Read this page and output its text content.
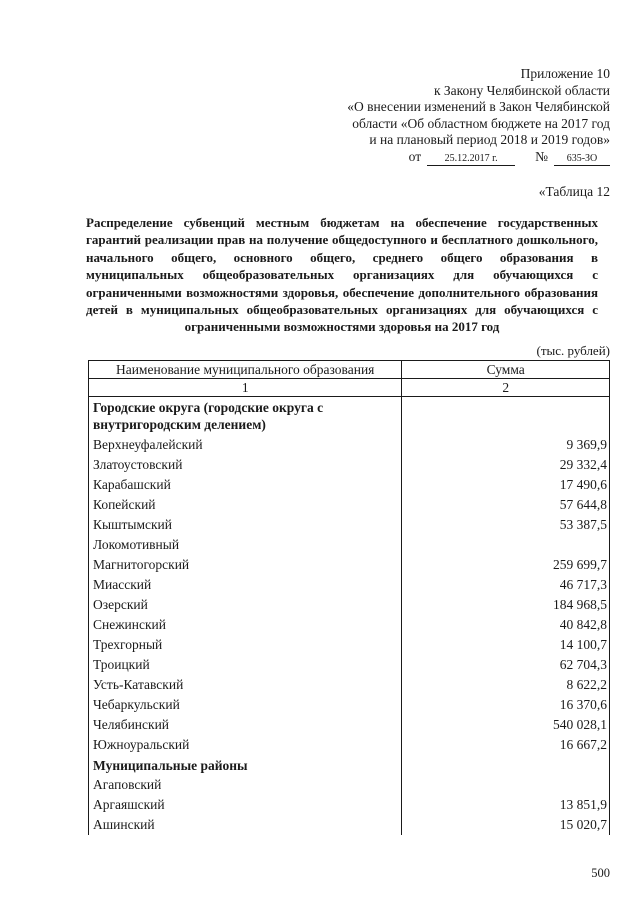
Приложение 10
к Закону Челябинской области
«О внесении изменений в Закон Челябинской
области «Об областном бюджете на 2017 год
и на плановый период 2018 и 2019 годов»
от	25.12.2017 г.	№	635-ЗО
«Таблица 12
Распределение субвенций местным бюджетам на обеспечение государственных гарантий реализации прав на получение общедоступного и бесплатного дошкольного, начального общего, основного общего, среднего общего образования в муниципальных общеобразовательных организациях для обучающихся с ограниченными возможностями здоровья, обеспечение дополнительного образования детей в муниципальных общеобразовательных организациях для обучающихся с ограниченными возможностями здоровья на 2017 год
(тыс. рублей)
Наименование муниципального образования	Сумма
1	2
Городские округа (городские округа с внутригородским делением)	
Верхнеуфалейский	9 369,9
Златоустовский	29 332,4
Карабашский	17 490,6
Копейский	57 644,8
Кыштымский	53 387,5
Локомотивный	
Магнитогорский	259 699,7
Миасский	46 717,3
Озерский	184 968,5
Снежинский	40 842,8
Трехгорный	14 100,7
Троицкий	62 704,3
Усть-Катавский	8 622,2
Чебаркульский	16 370,6
Челябинский	540 028,1
Южноуральский	16 667,2
Муниципальные районы	
Агаповский	
Аргаяшский	13 851,9
Ашинский	15 020,7
500
